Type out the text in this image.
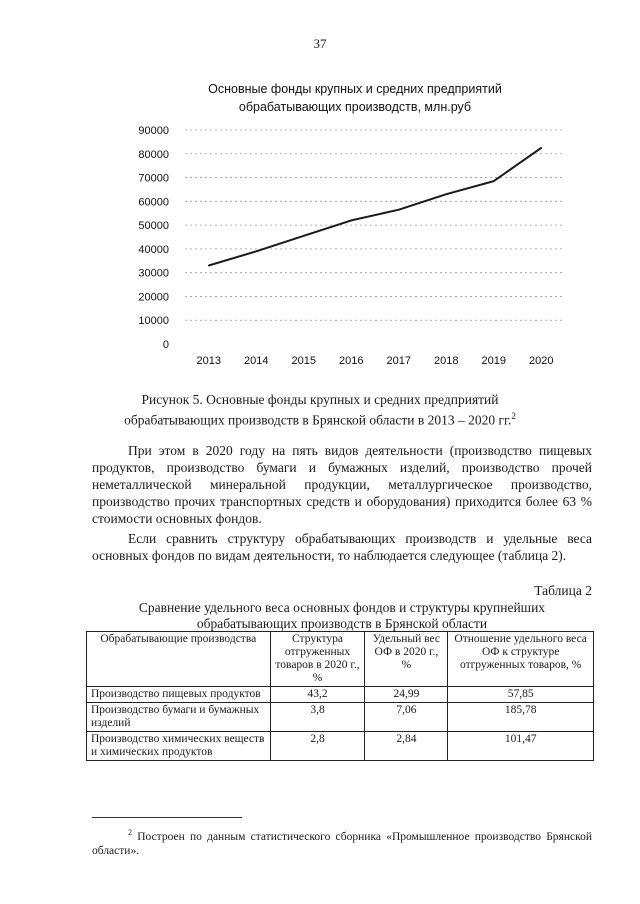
37
Основные фонды крупных и средних предприятий
обрабатывающих производств, млн.руб
0
10000
20000
30000
40000
50000
60000
70000
80000
90000
2013 2014 2015 2016 2017 2018 2019 2020
Рисунок 5. Основные фонды крупных и средних предприятий
обрабатывающих производств в Брянской области в 2013 – 2020 гг.$^2$

При этом в 2020 году на пять видов деятельности (производство пищевых продуктов, производство бумаги и бумажных изделий, производство прочей неметаллической минеральной продукции, металлургическое производство, производство прочих транспортных средств и оборудования) приходится более 63 % стоимости основных фондов.

Если сравнить структуру обрабатывающих производств и удельные веса основных фондов по видам деятельности, то наблюдается следующее (таблица 2).

Таблица 2
Сравнение удельного веса основных фондов и структуры крупнейших
обрабатывающих производств в Брянской области
Обрабатывающие производства	Структура отгруженных товаров в 2020 г., %	Удельный вес ОФ в 2020 г., %	Отношение удельного веса ОФ к структуре отгруженных товаров, %
Производство пищевых продуктов	43,2	24,99	57,85
Производство бумаги и бумажных изделий	3,8	7,06	185,78
Производство химических веществ и химических продуктов	2,8	2,84	101,47
$^2$ Построен по данным статистического сборника «Промышленное производство Брянской области».
